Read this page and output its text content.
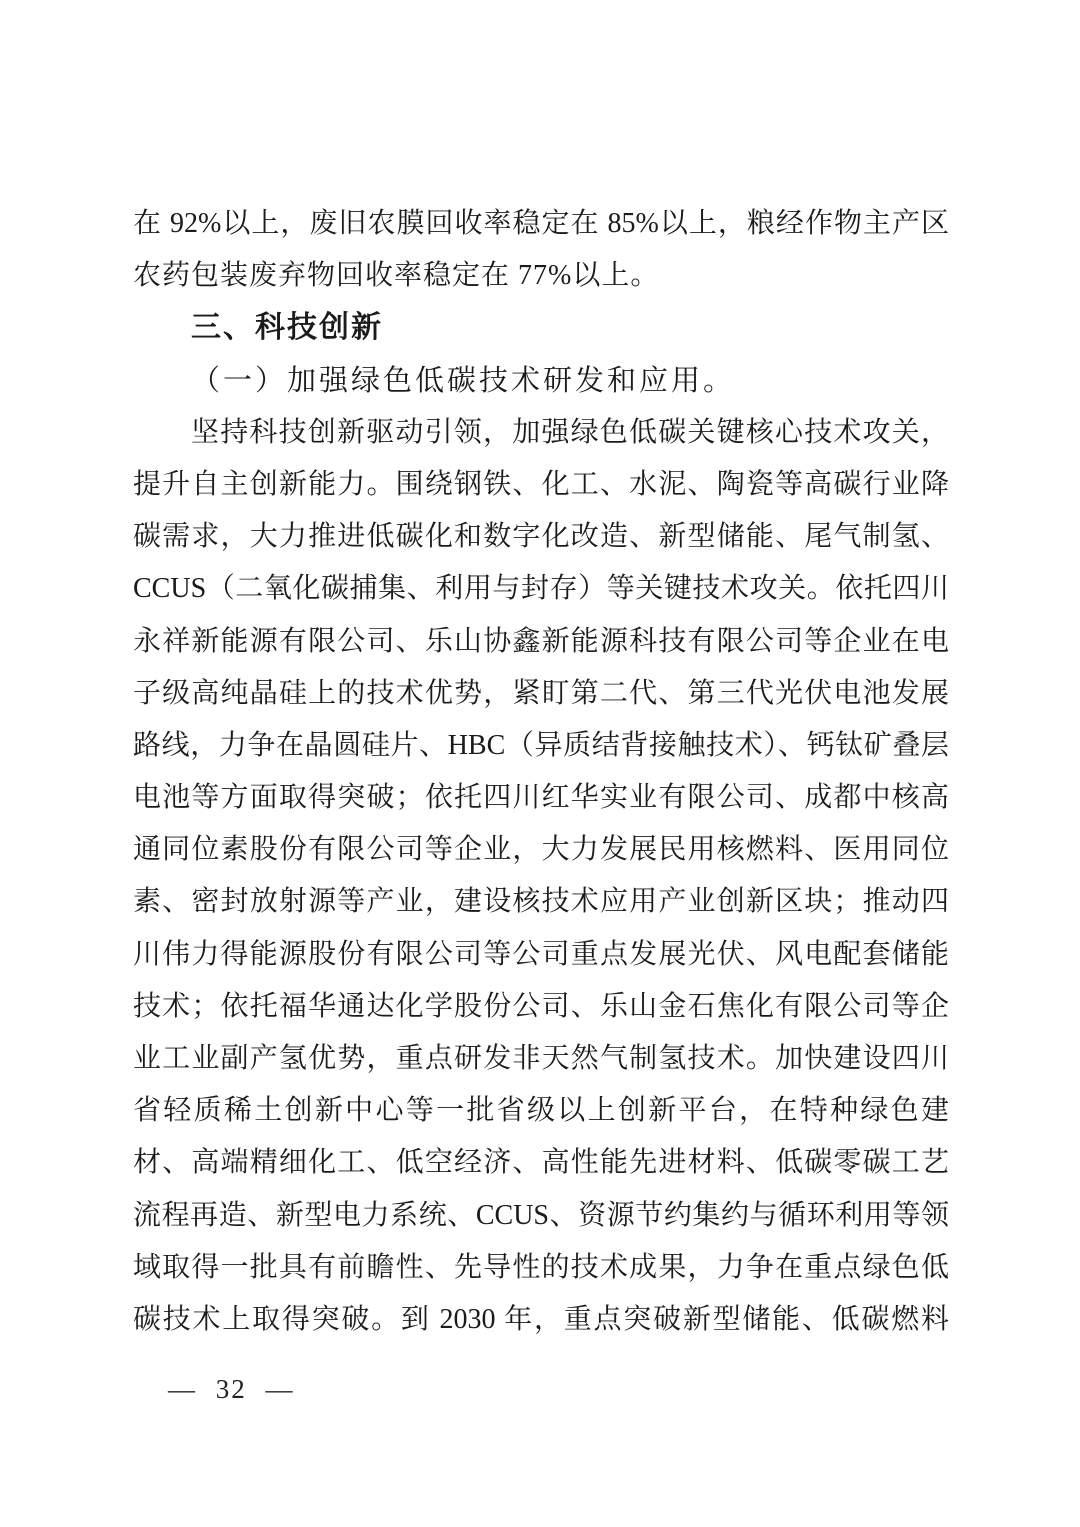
在 92%以上，废旧农膜回收率稳定在 85%以上，粮经作物主产区
农药包装废弃物回收率稳定在 77%以上。
三、科技创新
（一）加强绿色低碳技术研发和应用。
坚持科技创新驱动引领，加强绿色低碳关键核心技术攻关，
提升自主创新能力。围绕钢铁、化工、水泥、陶瓷等高碳行业降
碳需求，大力推进低碳化和数字化改造、新型储能、尾气制氢、
CCUS（二氧化碳捕集、利用与封存）等关键技术攻关。依托四川
永祥新能源有限公司、乐山协鑫新能源科技有限公司等企业在电
子级高纯晶硅上的技术优势，紧盯第二代、第三代光伏电池发展
路线，力争在晶圆硅片、HBC（异质结背接触技术）、钙钛矿叠层
电池等方面取得突破；依托四川红华实业有限公司、成都中核高
通同位素股份有限公司等企业，大力发展民用核燃料、医用同位
素、密封放射源等产业，建设核技术应用产业创新区块；推动四
川伟力得能源股份有限公司等公司重点发展光伏、风电配套储能
技术；依托福华通达化学股份公司、乐山金石焦化有限公司等企
业工业副产氢优势，重点研发非天然气制氢技术。加快建设四川
省轻质稀土创新中心等一批省级以上创新平台，在特种绿色建
材、高端精细化工、低空经济、高性能先进材料、低碳零碳工艺
流程再造、新型电力系统、CCUS、资源节约集约与循环利用等领
域取得一批具有前瞻性、先导性的技术成果，力争在重点绿色低
碳技术上取得突破。到 2030 年，重点突破新型储能、低碳燃料
— 32 —
